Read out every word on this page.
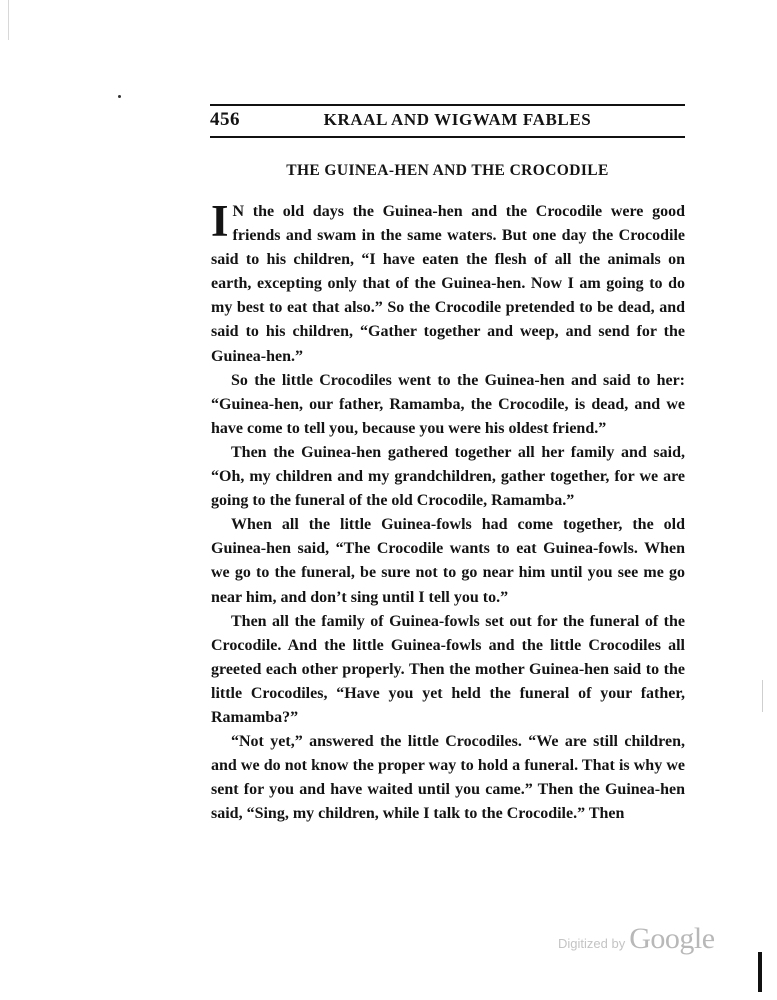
456	KRAAL AND WIGWAM FABLES
THE GUINEA-HEN AND THE CROCODILE

I N the old days the Guinea-hen and the Crocodile were good friends and swam in the same waters. But one day the Crocodile said to his children, “I have eaten the flesh of all the animals on earth, excepting only that of the Guinea-hen. Now I am going to do my best to eat that also.” So the Crocodile pretended to be dead, and said to his children, “Gather together and weep, and send for the Guinea-hen.”

So the little Crocodiles went to the Guinea-hen and said to her: “Guinea-hen, our father, Ramamba, the Crocodile, is dead, and we have come to tell you, because you were his oldest friend.”

Then the Guinea-hen gathered together all her family and said, “Oh, my children and my grandchildren, gather together, for we are going to the funeral of the old Crocodile, Ramamba.”

When all the little Guinea-fowls had come together, the old Guinea-hen said, “The Crocodile wants to eat Guinea-fowls. When we go to the funeral, be sure not to go near him until you see me go near him, and don’t sing until I tell you to.”

Then all the family of Guinea-fowls set out for the funeral of the Crocodile. And the little Guinea-fowls and the little Crocodiles all greeted each other properly. Then the mother Guinea-hen said to the little Crocodiles, “Have you yet held the funeral of your father, Ramamba?”

“Not yet,” answered the little Crocodiles. “We are still children, and we do not know the proper way to hold a funeral. That is why we sent for you and have waited until you came.” Then the Guinea-hen said, “Sing, my children, while I talk to the Crocodile.” Then

Digitized by Google
